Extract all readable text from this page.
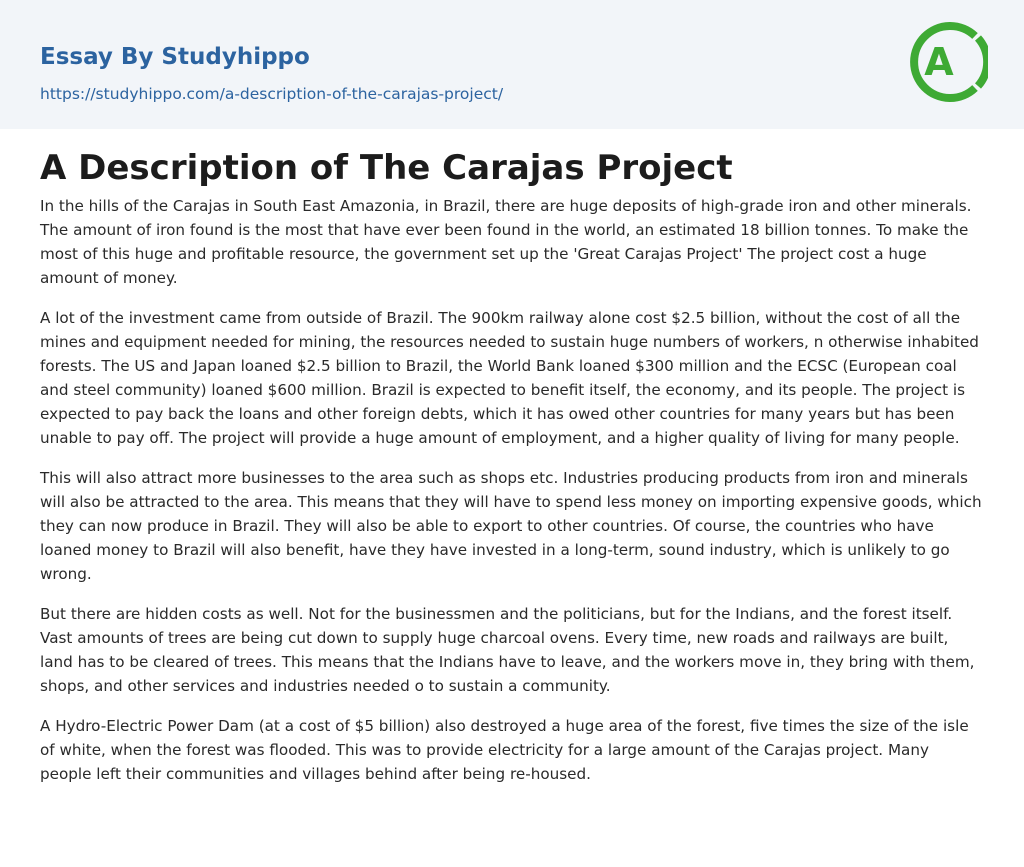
Essay By Studyhippo
https://studyhippo.com/a-description-of-the-carajas-project/
A
A Description of The Carajas Project

In the hills of the Carajas in South East Amazonia, in Brazil, there are huge deposits of high-grade iron and other minerals. The amount of iron found is the most that have ever been found in the world, an estimated 18 billion tonnes. To make the most of this huge and profitable resource, the government set up the 'Great Carajas Project' The project cost a huge amount of money.

A lot of the investment came from outside of Brazil. The 900km railway alone cost $2.5 billion, without the cost of all the mines and equipment needed for mining, the resources needed to sustain huge numbers of workers, n otherwise inhabited forests. The US and Japan loaned $2.5 billion to Brazil, the World Bank loaned $300 million and the ECSC (European coal and steel community) loaned $600 million. Brazil is expected to benefit itself, the economy, and its people. The project is expected to pay back the loans and other foreign debts, which it has owed other countries for many years but has been unable to pay off. The project will provide a huge amount of employment, and a higher quality of living for many people.

This will also attract more businesses to the area such as shops etc. Industries producing products from iron and minerals will also be attracted to the area. This means that they will have to spend less money on importing expensive goods, which they can now produce in Brazil. They will also be able to export to other countries. Of course, the countries who have loaned money to Brazil will also benefit, have they have invested in a long-term, sound industry, which is unlikely to go wrong.

But there are hidden costs as well. Not for the businessmen and the politicians, but for the Indians, and the forest itself. Vast amounts of trees are being cut down to supply huge charcoal ovens. Every time, new roads and railways are built, land has to be cleared of trees. This means that the Indians have to leave, and the workers move in, they bring with them, shops, and other services and industries needed o to sustain a community.

A Hydro-Electric Power Dam (at a cost of $5 billion) also destroyed a huge area of the forest, five times the size of the isle of white, when the forest was flooded. This was to provide electricity for a large amount of the Carajas project. Many people left their communities and villages behind after being re-housed.
